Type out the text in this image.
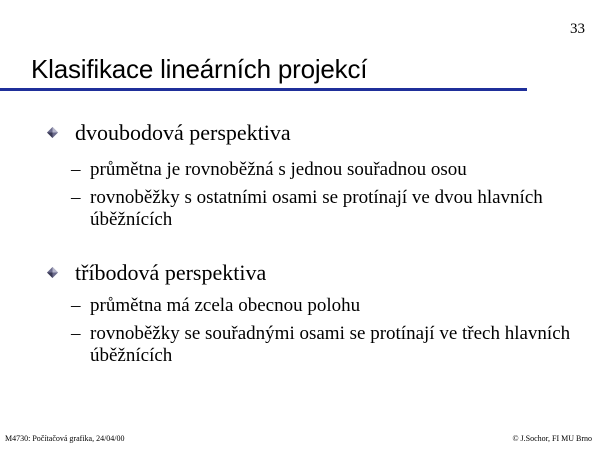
33
Klasifikace lineárních projekcí
dvoubodová perspektiva
– průmětna je rovnoběžná s jednou souřadnou osou
– rovnoběžky s ostatními osami se protínají ve dvou hlavních úběžnících
tříbodová perspektiva
– průmětna má zcela obecnou polohu
– rovnoběžky se souřadnými osami se protínají ve třech hlavních úběžnících
M4730: Počítačová grafika, 24/04/00	© J.Sochor, FI MU Brno
